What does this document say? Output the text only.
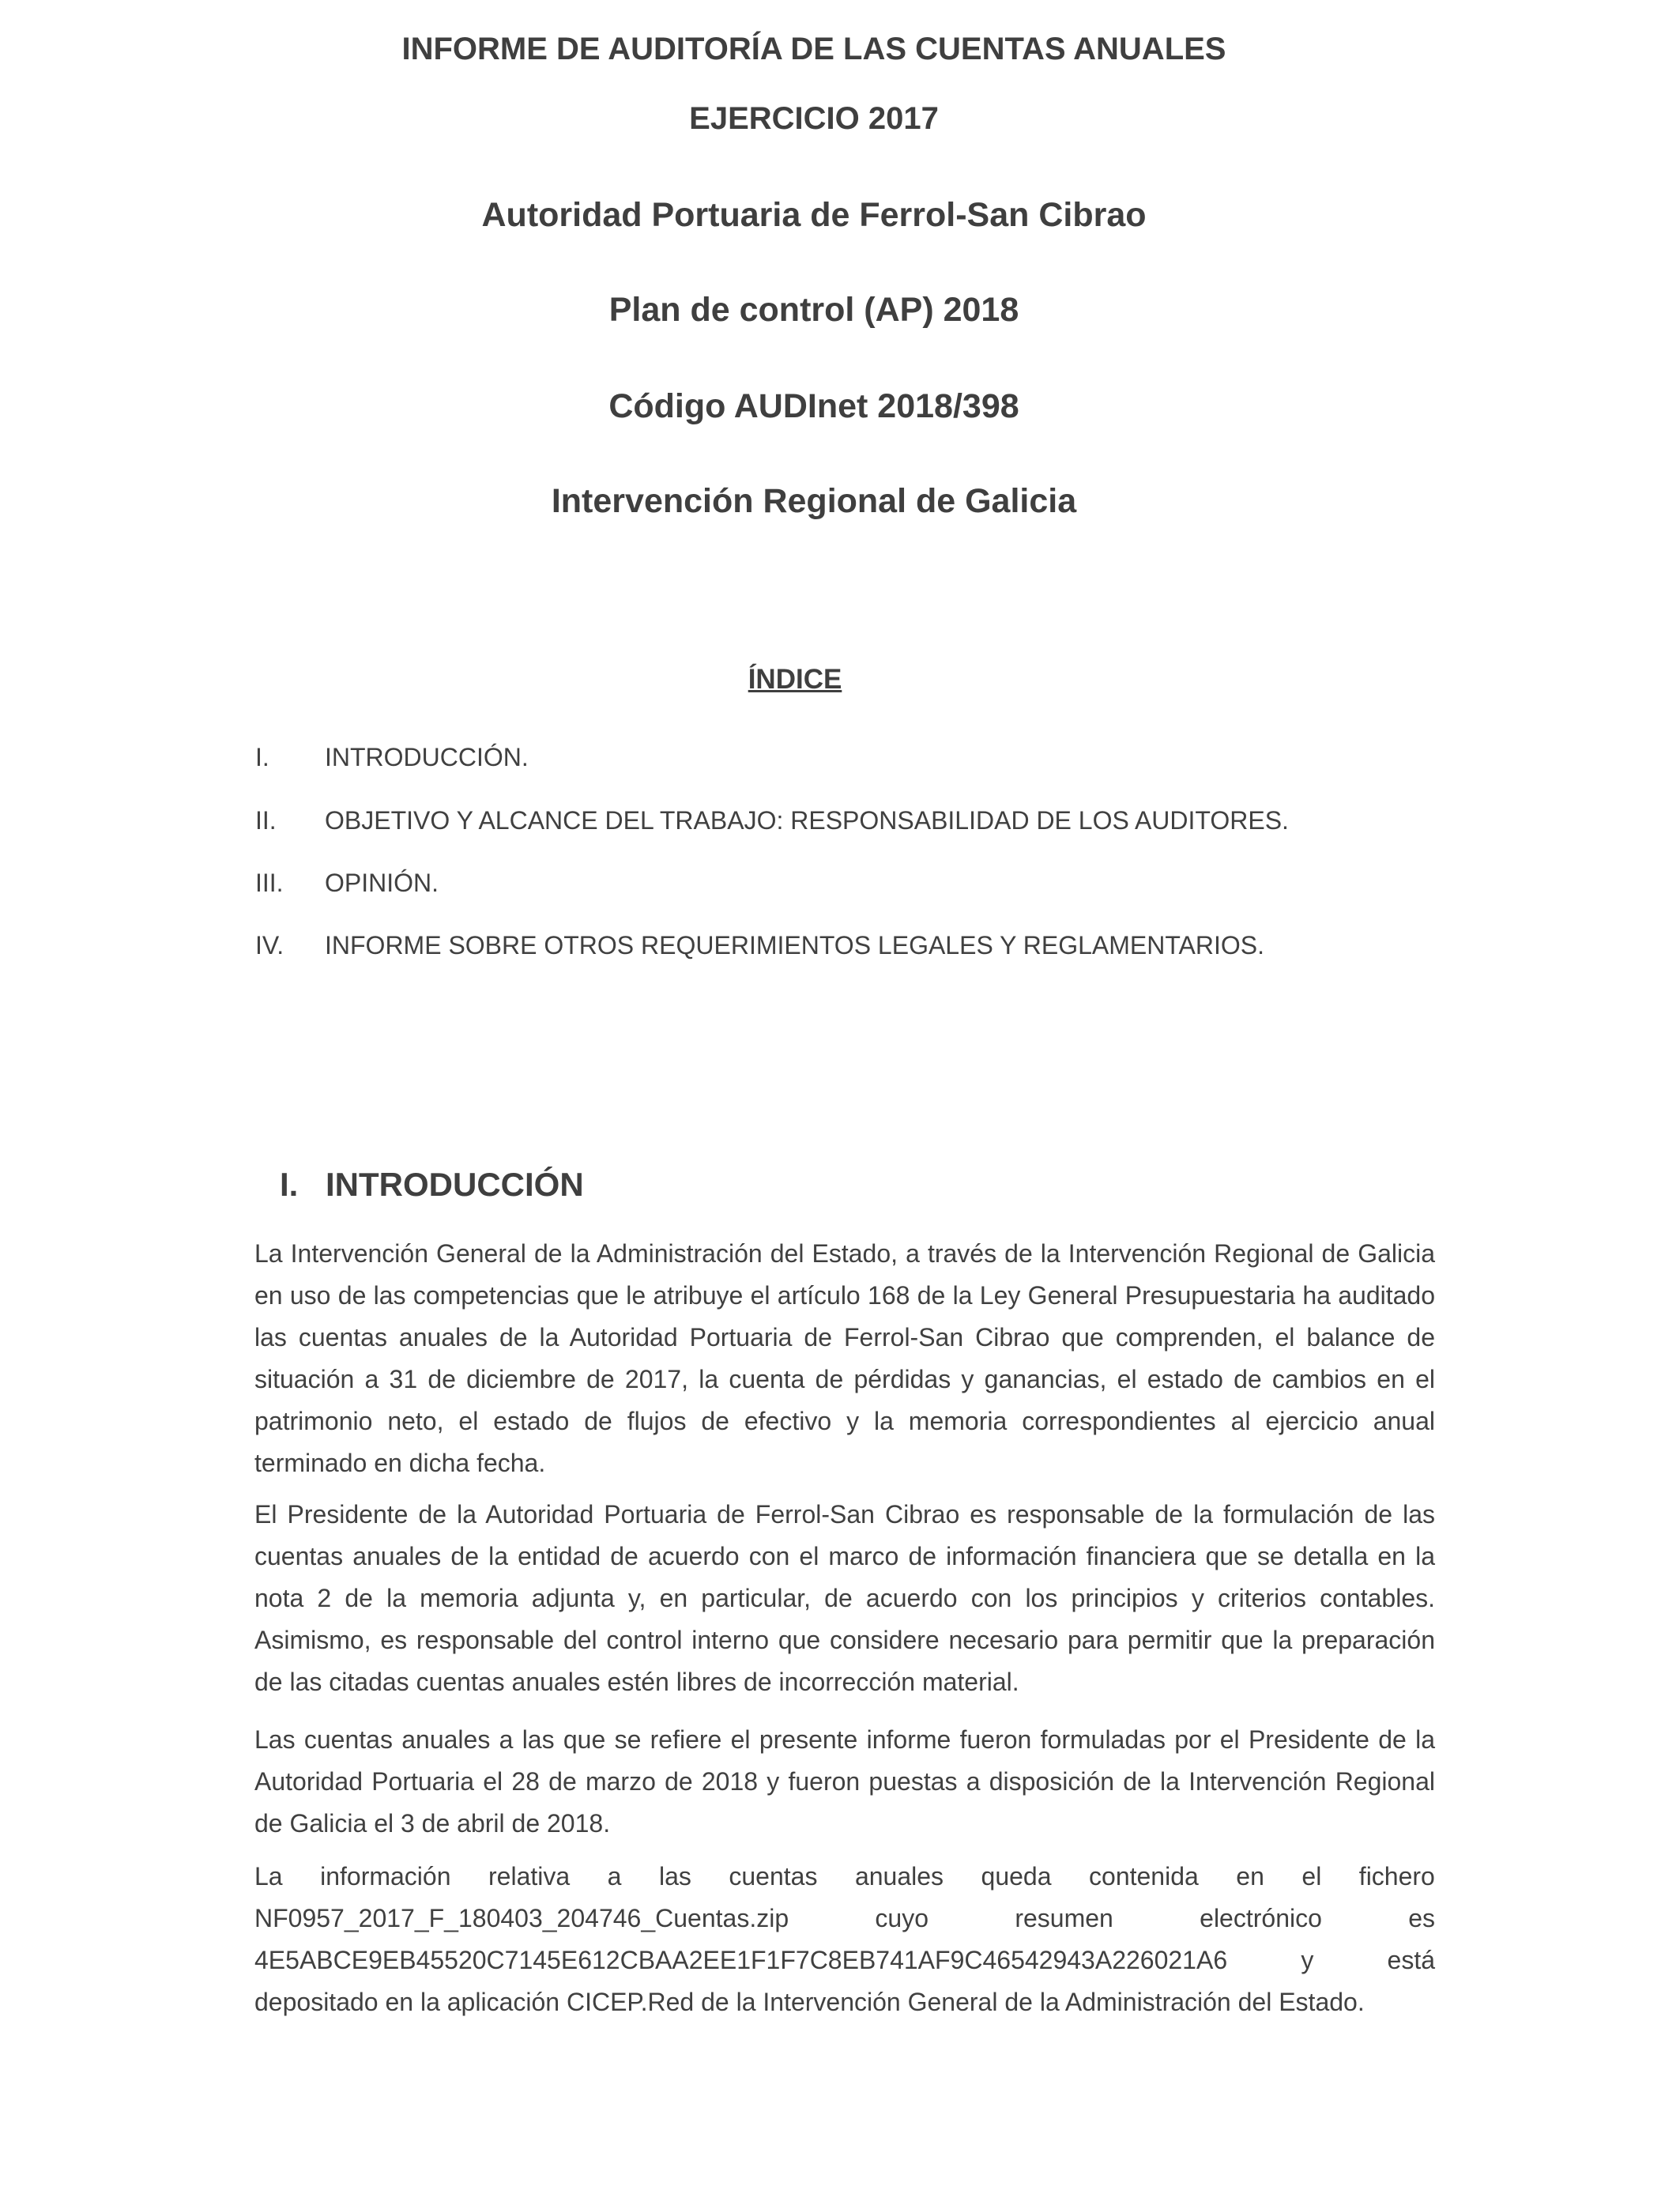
INFORME DE AUDITORÍA DE LAS CUENTAS ANUALES
EJERCICIO 2017
Autoridad Portuaria de Ferrol-San Cibrao
Plan de control (AP) 2018
Código AUDInet 2018/398
Intervención Regional de Galicia
ÍNDICE
I. INTRODUCCIÓN.
II. OBJETIVO Y ALCANCE DEL TRABAJO: RESPONSABILIDAD DE LOS AUDITORES.
III. OPINIÓN.
IV. INFORME SOBRE OTROS REQUERIMIENTOS LEGALES Y REGLAMENTARIOS.
I. INTRODUCCIÓN
La Intervención General de la Administración del Estado, a través de la Intervención Regional de Galicia en uso de las competencias que le atribuye el artículo 168 de la Ley General Presupuestaria ha auditado las cuentas anuales de la Autoridad Portuaria de Ferrol-San Cibrao que comprenden, el balance de situación a 31 de diciembre de 2017, la cuenta de pérdidas y ganancias, el estado de cambios en el patrimonio neto, el estado de flujos de efectivo y la memoria correspondientes al ejercicio anual terminado en dicha fecha.
El Presidente de la Autoridad Portuaria de Ferrol-San Cibrao es responsable de la formulación de las cuentas anuales de la entidad de acuerdo con el marco de información financiera que se detalla en la nota 2 de la memoria adjunta y, en particular, de acuerdo con los principios y criterios contables. Asimismo, es responsable del control interno que considere necesario para permitir que la preparación de las citadas cuentas anuales estén libres de incorrección material.
Las cuentas anuales a las que se refiere el presente informe fueron formuladas por el Presidente de la Autoridad Portuaria el 28 de marzo de 2018 y fueron puestas a disposición de la Intervención Regional de Galicia el 3 de abril de 2018.
La información relativa a las cuentas anuales queda contenida en el fichero
NF0957_2017_F_180403_204746_Cuentas.zip	cuyo	resumen	electrónico	es
4E5ABCE9EB45520C7145E612CBAA2EE1F1F7C8EB741AF9C46542943A226021A6	y	está
depositado en la aplicación CICEP.Red de la Intervención General de la Administración del Estado.
